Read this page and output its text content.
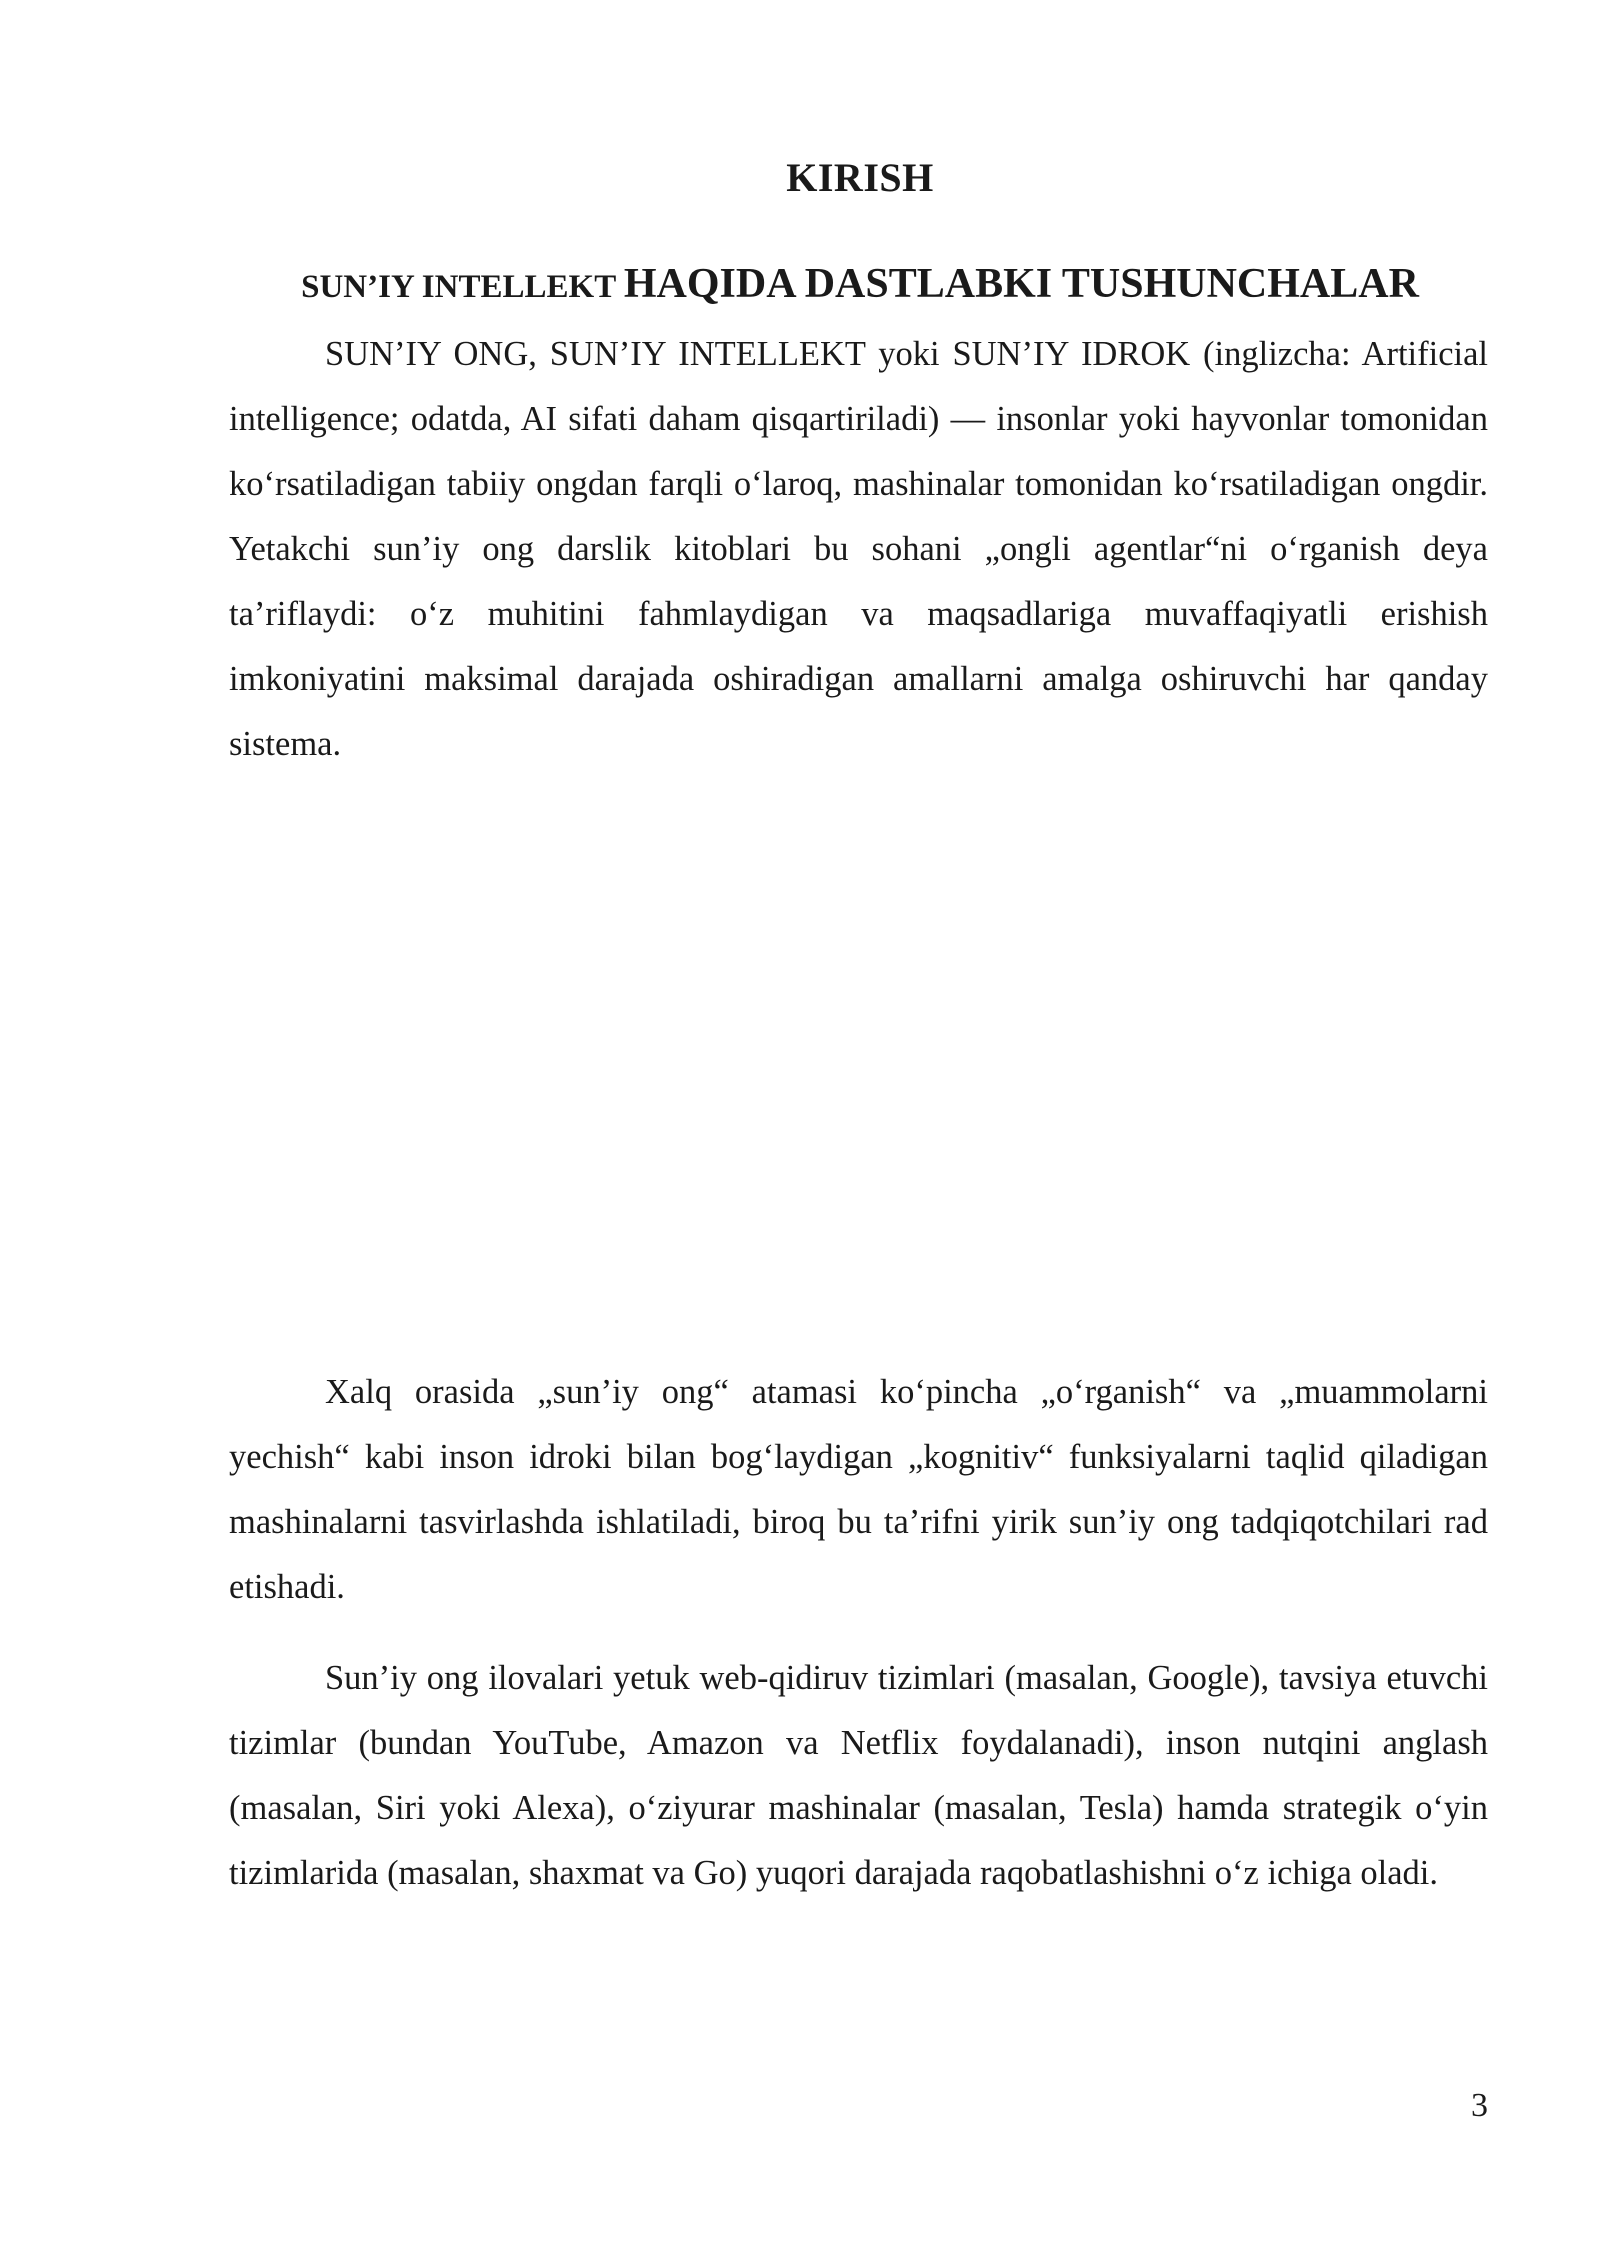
KIRISH
SUN’IY INTELLEKT HAQIDA DASTLABKI TUSHUNCHALAR

SUN’IY ONG, SUN’IY INTELLEKT yoki SUN’IY IDROK (inglizcha: Artificial intelligence; odatda, AI sifati daham qisqartiriladi) — insonlar yoki hayvonlar tomonidan ko‘rsatiladigan tabiiy ongdan farqli o‘laroq, mashinalar tomonidan ko‘rsatiladigan ongdir. Yetakchi sun’iy ong darslik kitoblari bu sohani „ongli agentlar“ni o‘rganish deya ta’riflaydi: o‘z muhitini fahmlaydigan va maqsadlariga muvaffaqiyatli erishish imkoniyatini maksimal darajada oshiradigan amallarni amalga oshiruvchi har qanday sistema.

Xalq orasida „sun’iy ong“ atamasi ko‘pincha „o‘rganish“ va „muammolarni yechish“ kabi inson idroki bilan bog‘laydigan „kognitiv“ funksiyalarni taqlid qiladigan mashinalarni tasvirlashda ishlatiladi, biroq bu ta’rifni yirik sun’iy ong tadqiqotchilari rad etishadi.

Sun’iy ong ilovalari yetuk web-qidiruv tizimlari (masalan, Google), tavsiya etuvchi tizimlar (bundan YouTube, Amazon va Netflix foydalanadi), inson nutqini anglash (masalan, Siri yoki Alexa), o‘ziyurar mashinalar (masalan, Tesla) hamda strategik o‘yin tizimlarida (masalan, shaxmat va Go) yuqori darajada raqobatlashishni o‘z ichiga oladi.

3
